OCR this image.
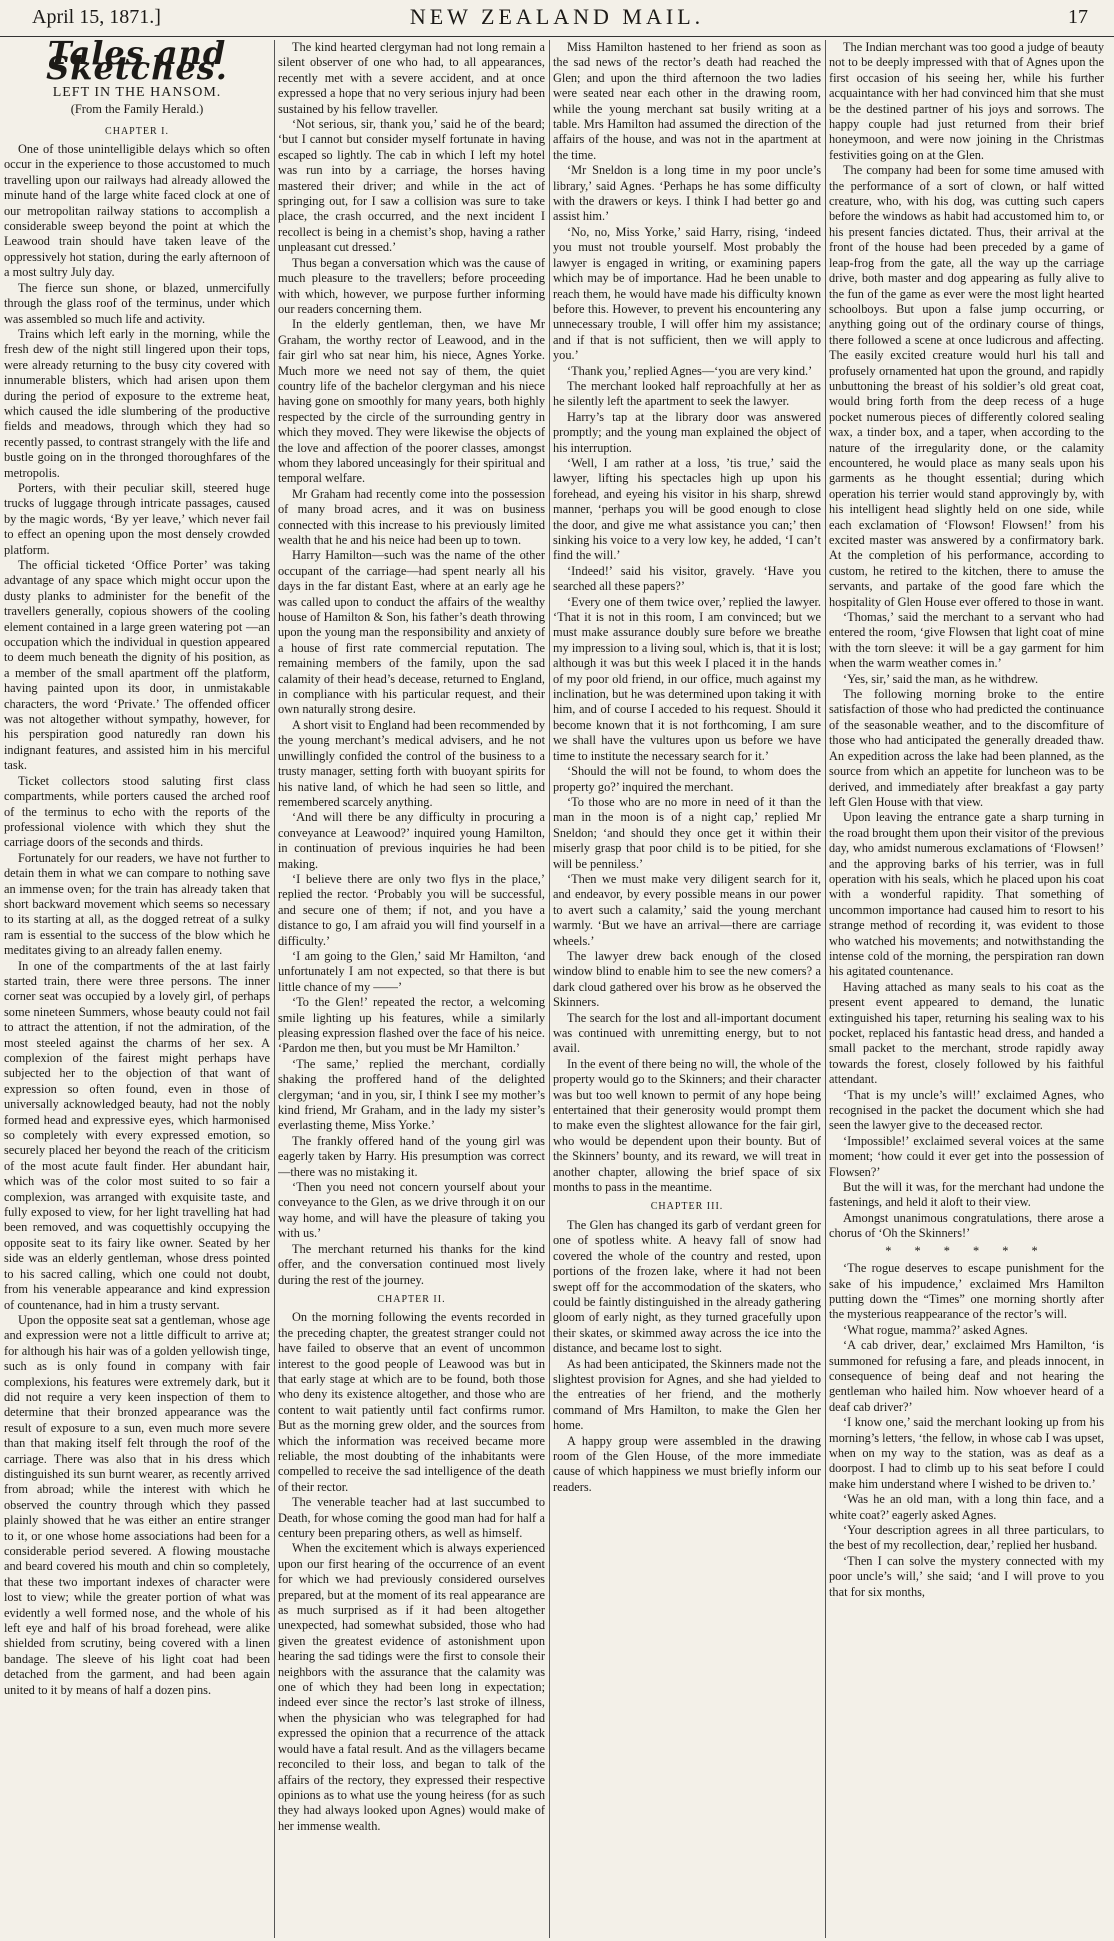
April 15, 1871.]	NEW ZEALAND MAIL.	17
Tales and Sketches.
LEFT IN THE HANSOM.
(From the Family Herald.)
CHAPTER I.

One of those unintelligible delays which so often occur in the experience to those accustomed to much travelling upon our railways had already allowed the minute hand of the large white faced clock at one of our metropolitan railway stations to accomplish a considerable sweep beyond the point at which the Leawood train should have taken leave of the oppressively hot station, during the early afternoon of a most sultry July day.

The fierce sun shone, or blazed, unmercifully through the glass roof of the terminus, under which was assembled so much life and activity.

Trains which left early in the morning, while the fresh dew of the night still lingered upon their tops, were already returning to the busy city covered with innumerable blisters, which had arisen upon them during the period of exposure to the extreme heat, which caused the idle slumbering of the productive fields and meadows, through which they had so recently passed, to contrast strangely with the life and bustle going on in the thronged thoroughfares of the metropolis.

Porters, with their peculiar skill, steered huge trucks of luggage through intricate passages, caused by the magic words, ‘By yer leave,’ which never fail to effect an opening upon the most densely crowded platform.

The official ticketed ‘Office Porter’ was taking advantage of any space which might occur upon the dusty planks to administer for the benefit of the travellers generally, copious showers of the cooling element contained in a large green watering pot —an occupation which the individual in question appeared to deem much beneath the dignity of his position, as a member of the small apartment off the platform, having painted upon its door, in unmistakable characters, the word ‘Private.’ The offended officer was not altogether without sympathy, however, for his perspiration good naturedly ran down his indignant features, and assisted him in his merciful task.

Ticket collectors stood saluting first class compartments, while porters caused the arched roof of the terminus to echo with the reports of the professional violence with which they shut the carriage doors of the seconds and thirds.

Fortunately for our readers, we have not further to detain them in what we can compare to nothing save an immense oven; for the train has already taken that short backward movement which seems so necessary to its starting at all, as the dogged retreat of a sulky ram is essential to the success of the blow which he meditates giving to an already fallen enemy.

In one of the compartments of the at last fairly started train, there were three persons. The inner corner seat was occupied by a lovely girl, of perhaps some nineteen Summers, whose beauty could not fail to attract the attention, if not the admiration, of the most steeled against the charms of her sex. A complexion of the fairest might perhaps have subjected her to the objection of that want of expression so often found, even in those of universally acknowledged beauty, had not the nobly formed head and expressive eyes, which harmonised so completely with every expressed emotion, so securely placed her beyond the reach of the criticism of the most acute fault finder. Her abundant hair, which was of the color most suited to so fair a complexion, was arranged with exquisite taste, and fully exposed to view, for her light travelling hat had been removed, and was coquettishly occupying the opposite seat to its fairy like owner. Seated by her side was an elderly gentleman, whose dress pointed to his sacred calling, which one could not doubt, from his venerable appearance and kind expression of countenance, had in him a trusty servant.

Upon the opposite seat sat a gentleman, whose age and expression were not a little difficult to arrive at; for although his hair was of a golden yellowish tinge, such as is only found in company with fair complexions, his features were extremely dark, but it did not require a very keen inspection of them to determine that their bronzed appearance was the result of exposure to a sun, even much more severe than that making itself felt through the roof of the carriage. There was also that in his dress which distinguished its sun burnt wearer, as recently arrived from abroad; while the interest with which he observed the country through which they passed plainly showed that he was either an entire stranger to it, or one whose home associations had been for a considerable period severed. A flowing moustache and beard covered his mouth and chin so completely, that these two important indexes of character were lost to view; while the greater portion of what was evidently a well formed nose, and the whole of his left eye and half of his broad forehead, were alike shielded from scrutiny, being covered with a linen bandage. The sleeve of his light coat had been detached from the garment, and had been again united to it by means of half a dozen pins.

The kind hearted clergyman had not long remain a silent observer of one who had, to all appearances, recently met with a severe accident, and at once expressed a hope that no very serious injury had been sustained by his fellow traveller.

‘Not serious, sir, thank you,’ said he of the beard; ‘but I cannot but consider myself fortunate in having escaped so lightly. The cab in which I left my hotel was run into by a carriage, the horses having mastered their driver; and while in the act of springing out, for I saw a collision was sure to take place, the crash occurred, and the next incident I recollect is being in a chemist’s shop, having a rather unpleasant cut dressed.’

Thus began a conversation which was the cause of much pleasure to the travellers; before proceeding with which, however, we purpose further informing our readers concerning them.

In the elderly gentleman, then, we have Mr Graham, the worthy rector of Leawood, and in the fair girl who sat near him, his niece, Agnes Yorke. Much more we need not say of them, the quiet country life of the bachelor clergyman and his niece having gone on smoothly for many years, both highly respected by the circle of the surrounding gentry in which they moved. They were likewise the objects of the love and affection of the poorer classes, amongst whom they labored unceasingly for their spiritual and temporal welfare.

Mr Graham had recently come into the possession of many broad acres, and it was on business connected with this increase to his previously limited wealth that he and his neice had been up to town.

Harry Hamilton—such was the name of the other occupant of the carriage—had spent nearly all his days in the far distant East, where at an early age he was called upon to conduct the affairs of the wealthy house of Hamilton & Son, his father’s death throwing upon the young man the responsibility and anxiety of a house of first rate commercial reputation. The remaining members of the family, upon the sad calamity of their head’s decease, returned to England, in compliance with his particular request, and their own naturally strong desire.

A short visit to England had been recommended by the young merchant’s medical advisers, and he not unwillingly confided the control of the business to a trusty manager, setting forth with buoyant spirits for his native land, of which he had seen so little, and remembered scarcely anything.

‘And will there be any difficulty in procuring a conveyance at Leawood?’ inquired young Hamilton, in continuation of previous inquiries he had been making.

‘I believe there are only two flys in the place,’ replied the rector. ‘Probably you will be successful, and secure one of them; if not, and you have a distance to go, I am afraid you will find yourself in a difficulty.’

‘I am going to the Glen,’ said Mr Hamilton, ‘and unfortunately I am not expected, so that there is but little chance of my ——’

‘To the Glen!’ repeated the rector, a welcoming smile lighting up his features, while a similarly pleasing expression flashed over the face of his neice. ‘Pardon me then, but you must be Mr Hamilton.’

‘The same,’ replied the merchant, cordially shaking the proffered hand of the delighted clergyman; ‘and in you, sir, I think I see my mother’s kind friend, Mr Graham, and in the lady my sister’s everlasting theme, Miss Yorke.’

The frankly offered hand of the young girl was eagerly taken by Harry. His presumption was correct—there was no mistaking it.

‘Then you need not concern yourself about your conveyance to the Glen, as we drive through it on our way home, and will have the pleasure of taking you with us.’

The merchant returned his thanks for the kind offer, and the conversation continued most lively during the rest of the journey.

CHAPTER II.

On the morning following the events recorded in the preceding chapter, the greatest stranger could not have failed to observe that an event of uncommon interest to the good people of Leawood was but in that early stage at which are to be found, both those who deny its existence altogether, and those who are content to wait patiently until fact confirms rumor. But as the morning grew older, and the sources from which the information was received became more reliable, the most doubting of the inhabitants were compelled to receive the sad intelligence of the death of their rector.

The venerable teacher had at last succumbed to Death, for whose coming the good man had for half a century been preparing others, as well as himself.

When the excitement which is always experienced upon our first hearing of the occurrence of an event for which we had previously considered ourselves prepared, but at the moment of its real appearance are as much surprised as if it had been altogether unexpected, had somewhat subsided, those who had given the greatest evidence of astonishment upon hearing the sad tidings were the first to console their neighbors with the assurance that the calamity was one of which they had been long in expectation; indeed ever since the rector’s last stroke of illness, when the physician who was telegraphed for had expressed the opinion that a recurrence of the attack would have a fatal result. And as the villagers became reconciled to their loss, and began to talk of the affairs of the rectory, they expressed their respective opinions as to what use the young heiress (for as such they had always looked upon Agnes) would make of her immense wealth.

Miss Hamilton hastened to her friend as soon as the sad news of the rector’s death had reached the Glen; and upon the third afternoon the two ladies were seated near each other in the drawing room, while the young merchant sat busily writing at a table. Mrs Hamilton had assumed the direction of the affairs of the house, and was not in the apartment at the time.

‘Mr Sneldon is a long time in my poor uncle’s library,’ said Agnes. ‘Perhaps he has some difficulty with the drawers or keys. I think I had better go and assist him.’

‘No, no, Miss Yorke,’ said Harry, rising, ‘indeed you must not trouble yourself. Most probably the lawyer is engaged in writing, or examining papers which may be of importance. Had he been unable to reach them, he would have made his difficulty known before this. However, to prevent his encountering any unnecessary trouble, I will offer him my assistance; and if that is not sufficient, then we will apply to you.’

‘Thank you,’ replied Agnes—‘you are very kind.’

The merchant looked half reproachfully at her as he silently left the apartment to seek the lawyer.

Harry’s tap at the library door was answered promptly; and the young man explained the object of his interruption.

‘Well, I am rather at a loss, ’tis true,’ said the lawyer, lifting his spectacles high up upon his forehead, and eyeing his visitor in his sharp, shrewd manner, ‘perhaps you will be good enough to close the door, and give me what assistance you can;’ then sinking his voice to a very low key, he added, ‘I can’t find the will.’

‘Indeed!’ said his visitor, gravely. ‘Have you searched all these papers?’

‘Every one of them twice over,’ replied the lawyer. ‘That it is not in this room, I am convinced; but we must make assurance doubly sure before we breathe my impression to a living soul, which is, that it is lost; although it was but this week I placed it in the hands of my poor old friend, in our office, much against my inclination, but he was determined upon taking it with him, and of course I acceded to his request. Should it become known that it is not forthcoming, I am sure we shall have the vultures upon us before we have time to institute the necessary search for it.’

‘Should the will not be found, to whom does the property go?’ inquired the merchant.

‘To those who are no more in need of it than the man in the moon is of a night cap,’ replied Mr Sneldon; ‘and should they once get it within their miserly grasp that poor child is to be pitied, for she will be penniless.’

‘Then we must make very diligent search for it, and endeavor, by every possible means in our power to avert such a calamity,’ said the young merchant warmly. ‘But we have an arrival—there are carriage wheels.’

The lawyer drew back enough of the closed window blind to enable him to see the new comers? a dark cloud gathered over his brow as he observed the Skinners.

The search for the lost and all-important document was continued with unremitting energy, but to not avail.

In the event of there being no will, the whole of the property would go to the Skinners; and their character was but too well known to permit of any hope being entertained that their generosity would prompt them to make even the slightest allowance for the fair girl, who would be dependent upon their bounty. But of the Skinners’ bounty, and its reward, we will treat in another chapter, allowing the brief space of six months to pass in the meantime.

CHAPTER III.

The Glen has changed its garb of verdant green for one of spotless white. A heavy fall of snow had covered the whole of the country and rested, upon portions of the frozen lake, where it had not been swept off for the accommodation of the skaters, who could be faintly distinguished in the already gathering gloom of early night, as they turned gracefully upon their skates, or skimmed away across the ice into the distance, and became lost to sight.

As had been anticipated, the Skinners made not the slightest provision for Agnes, and she had yielded to the entreaties of her friend, and the motherly command of Mrs Hamilton, to make the Glen her home.

A happy group were assembled in the drawing room of the Glen House, of the more immediate cause of which happiness we must briefly inform our readers.

The Indian merchant was too good a judge of beauty not to be deeply impressed with that of Agnes upon the first occasion of his seeing her, while his further acquaintance with her had convinced him that she must be the destined partner of his joys and sorrows. The happy couple had just returned from their brief honeymoon, and were now joining in the Christmas festivities going on at the Glen.

The company had been for some time amused with the performance of a sort of clown, or half witted creature, who, with his dog, was cutting such capers before the windows as habit had accustomed him to, or his present fancies dictated. Thus, their arrival at the front of the house had been preceded by a game of leap-frog from the gate, all the way up the carriage drive, both master and dog appearing as fully alive to the fun of the game as ever were the most light hearted schoolboys. But upon a false jump occurring, or anything going out of the ordinary course of things, there followed a scene at once ludicrous and affecting. The easily excited creature would hurl his tall and profusely ornamented hat upon the ground, and rapidly unbuttoning the breast of his soldier’s old great coat, would bring forth from the deep recess of a huge pocket numerous pieces of differently colored sealing wax, a tinder box, and a taper, when according to the nature of the irregularity done, or the calamity encountered, he would place as many seals upon his garments as he thought essential; during which operation his terrier would stand approvingly by, with his intelligent head slightly held on one side, while each exclamation of ‘Flowson! Flowsen!’ from his excited master was answered by a confirmatory bark. At the completion of his performance, according to custom, he retired to the kitchen, there to amuse the servants, and partake of the good fare which the hospitality of Glen House ever offered to those in want.

‘Thomas,’ said the merchant to a servant who had entered the room, ‘give Flowsen that light coat of mine with the torn sleeve: it will be a gay garment for him when the warm weather comes in.’

‘Yes, sir,’ said the man, as he withdrew.

The following morning broke to the entire satisfaction of those who had predicted the continuance of the seasonable weather, and to the discomfiture of those who had anticipated the generally dreaded thaw. An expedition across the lake had been planned, as the source from which an appetite for luncheon was to be derived, and immediately after breakfast a gay party left Glen House with that view.

Upon leaving the entrance gate a sharp turning in the road brought them upon their visitor of the previous day, who amidst numerous exclamations of ‘Flowsen!’ and the approving barks of his terrier, was in full operation with his seals, which he placed upon his coat with a wonderful rapidity. That something of uncommon importance had caused him to resort to his strange method of recording it, was evident to those who watched his movements; and notwithstanding the intense cold of the morning, the perspiration ran down his agitated countenance.

Having attached as many seals to his coat as the present event appeared to demand, the lunatic extinguished his taper, returning his sealing wax to his pocket, replaced his fantastic head dress, and handed a small packet to the merchant, strode rapidly away towards the forest, closely followed by his faithful attendant.

‘That is my uncle’s will!’ exclaimed Agnes, who recognised in the packet the document which she had seen the lawyer give to the deceased rector.

‘Impossible!’ exclaimed several voices at the same moment; ‘how could it ever get into the possession of Flowsen?’

But the will it was, for the merchant had undone the fastenings, and held it aloft to their view.

Amongst unanimous congratulations, there arose a chorus of ‘Oh the Skinners!’

* * * * * *

‘The rogue deserves to escape punishment for the sake of his impudence,’ exclaimed Mrs Hamilton putting down the “Times” one morning shortly after the mysterious reappearance of the rector’s will.

‘What rogue, mamma?’ asked Agnes.

‘A cab driver, dear,’ exclaimed Mrs Hamilton, ‘is summoned for refusing a fare, and pleads innocent, in consequence of being deaf and not hearing the gentleman who hailed him. Now whoever heard of a deaf cab driver?’

‘I know one,’ said the merchant looking up from his morning’s letters, ‘the fellow, in whose cab I was upset, when on my way to the station, was as deaf as a doorpost. I had to climb up to his seat before I could make him understand where I wished to be driven to.’

‘Was he an old man, with a long thin face, and a white coat?’ eagerly asked Agnes.

‘Your description agrees in all three particulars, to the best of my recollection, dear,’ replied her husband.

‘Then I can solve the mystery connected with my poor uncle’s will,’ she said; ‘and I will prove to you that for six months,
